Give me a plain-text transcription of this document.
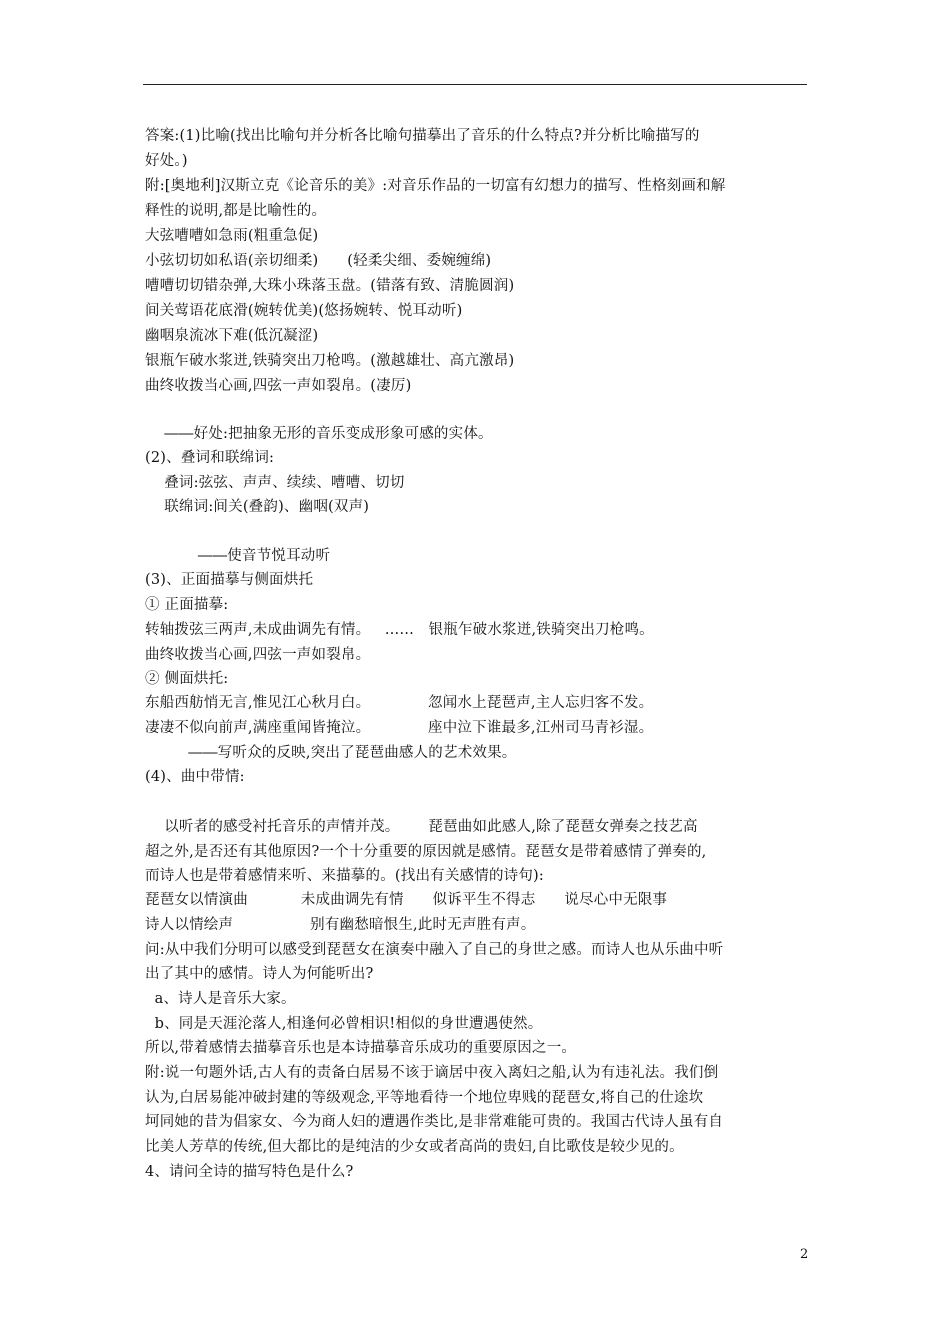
答案:(1)比喻(找出比喻句并分析各比喻句描摹出了音乐的什么特点?并分析比喻描写的
好处。)
附:[奥地利]汉斯立克《论音乐的美》:对音乐作品的一切富有幻想力的描写、性格刻画和解
释性的说明,都是比喻性的。
大弦嘈嘈如急雨(粗重急促)
小弦切切如私语(亲切细柔)      (轻柔尖细、委婉缠绵)
嘈嘈切切错杂弹,大珠小珠落玉盘。(错落有致、清脆圆润)
间关莺语花底滑(婉转优美)(悠扬婉转、悦耳动听)
幽咽泉流冰下难(低沉凝涩)
银瓶乍破水浆迸,铁骑突出刀枪鸣。(激越雄壮、高亢激昂)
曲终收拨当心画,四弦一声如裂帛。(凄厉)
――好处:把抽象无形的音乐变成形象可感的实体。
(2)、叠词和联绵词:
叠词:弦弦、声声、续续、嘈嘈、切切
联绵词:间关(叠韵)、幽咽(双声)
――使音节悦耳动听
(3)、正面描摹与侧面烘托
① 正面描摹:
转轴拨弦三两声,未成曲调先有情。   ……   银瓶乍破水浆迸,铁骑突出刀枪鸣。
曲终收拨当心画,四弦一声如裂帛。
② 侧面烘托:
东船西舫悄无言,惟见江心秋月白。            忽闻水上琵琶声,主人忘归客不发。
凄凄不似向前声,满座重闻皆掩泣。            座中泣下谁最多,江州司马青衫湿。
――写听众的反映,突出了琵琶曲感人的艺术效果。
(4)、曲中带情:
以听者的感受衬托音乐的声情并茂。      琵琶曲如此感人,除了琵琶女弹奏之技艺高
超之外,是否还有其他原因?一个十分重要的原因就是感情。琵琶女是带着感情了弹奏的,
而诗人也是带着感情来听、来描摹的。(找出有关感情的诗句):
琵琶女以情演曲           未成曲调先有情      似诉平生不得志      说尽心中无限事
诗人以情绘声                别有幽愁暗恨生,此时无声胜有声。
问:从中我们分明可以感受到琵琶女在演奏中融入了自己的身世之感。而诗人也从乐曲中听
出了其中的感情。诗人为何能听出?
a、诗人是音乐大家。
b、同是天涯沦落人,相逢何必曾相识!相似的身世遭遇使然。
所以,带着感情去描摹音乐也是本诗描摹音乐成功的重要原因之一。
附:说一句题外话,古人有的责备白居易不该于谪居中夜入离妇之船,认为有违礼法。我们倒
认为,白居易能冲破封建的等级观念,平等地看待一个地位卑贱的琵琶女,将自己的仕途坎
坷同她的昔为倡家女、今为商人妇的遭遇作类比,是非常难能可贵的。我国古代诗人虽有自
比美人芳草的传统,但大都比的是纯洁的少女或者高尚的贵妇,自比歌伎是较少见的。
4、请问全诗的描写特色是什么?
2
